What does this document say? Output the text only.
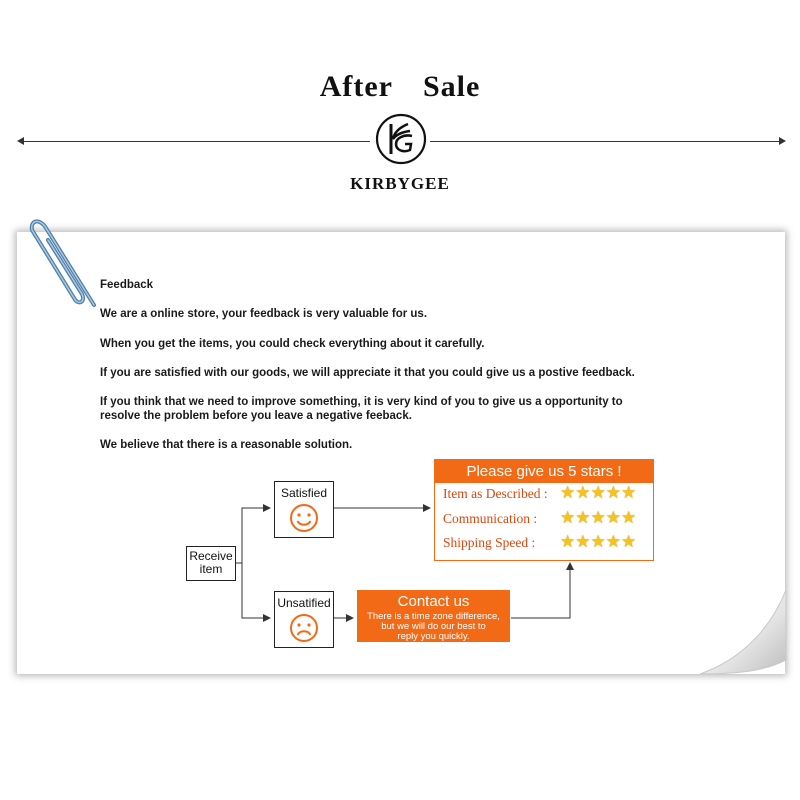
After Sale
KIRBYGEE
Feedback
We are a online store, your feedback is very valuable for us.
When you get the items, you could check everything about it carefully.
If you are satisfied with our goods, we will appreciate it that you could give us a postive feedback.
If you think that we need to improve something, it is very kind of you to give us a opportunity to
resolve the problem before you leave a negative feeback.
We believe that there is a reasonable solution.
Receive
item
Satisfied
Unsatified
Please give us 5 stars !
Item as Described : ★★★★★
Communication : ★★★★★
Shipping Speed : ★★★★★
Contact us
There is a time zone difference,
but we will do our best to
reply you quickly.
